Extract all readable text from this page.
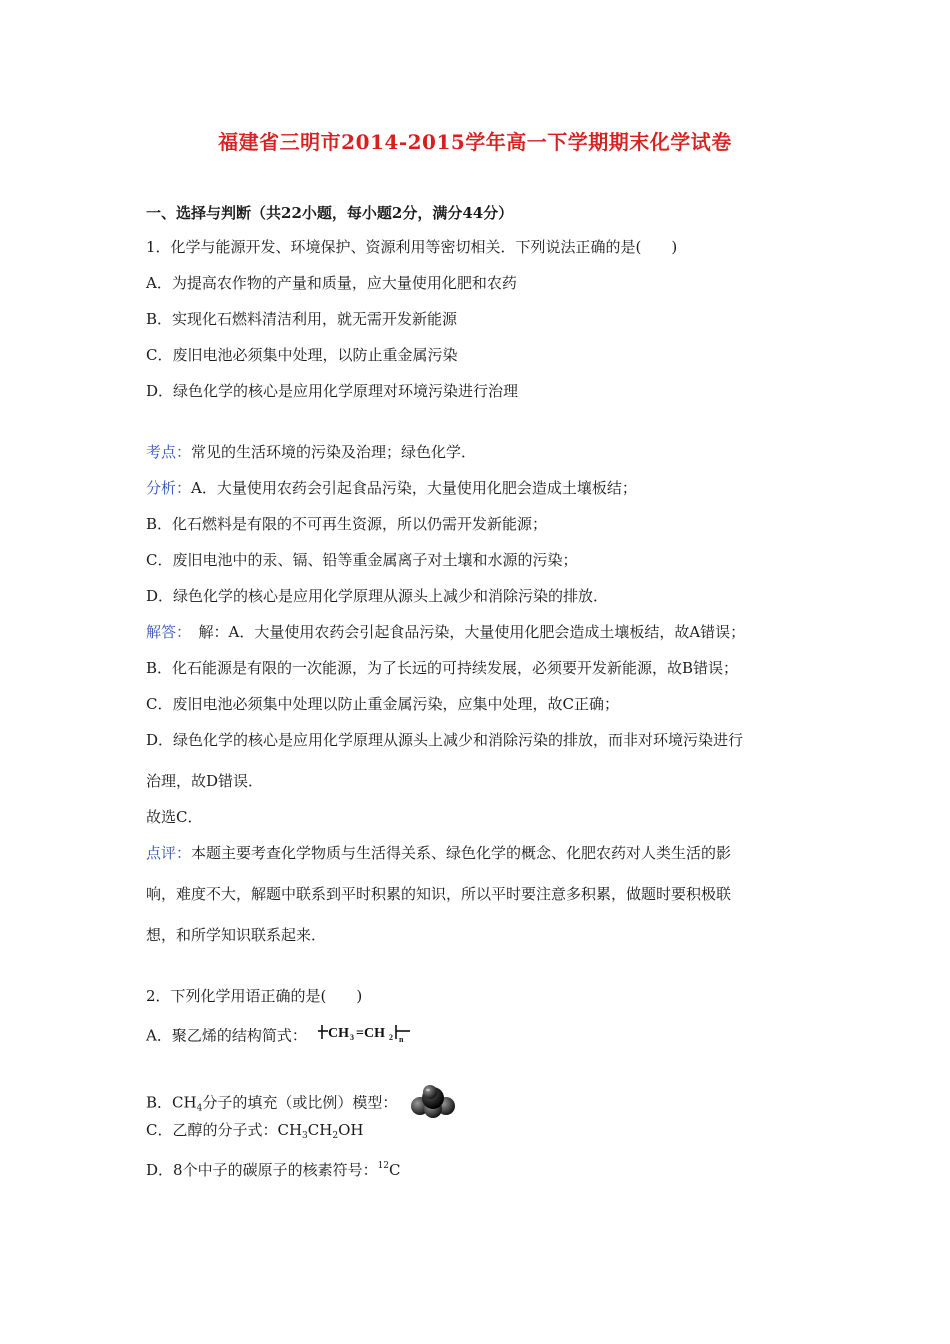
福建省三明市2014-2015学年高一下学期期末化学试卷
一、选择与判断（共22小题，每小题2分，满分44分）
1．化学与能源开发、环境保护、资源利用等密切相关．下列说法正确的是(　　)
A．为提高农作物的产量和质量，应大量使用化肥和农药
B．实现化石燃料清洁利用，就无需开发新能源
C．废旧电池必须集中处理，以防止重金属污染
D．绿色化学的核心是应用化学原理对环境污染进行治理
考点：常见的生活环境的污染及治理；绿色化学．
分析：A．大量使用农药会引起食品污染，大量使用化肥会造成土壤板结；
B．化石燃料是有限的不可再生资源，所以仍需开发新能源；
C．废旧电池中的汞、镉、铅等重金属离子对土壤和水源的污染；
D．绿色化学的核心是应用化学原理从源头上减少和消除污染的排放．
解答：　解：A．大量使用农药会引起食品污染，大量使用化肥会造成土壤板结，故A错误；
B．化石能源是有限的一次能源，为了长远的可持续发展，必须要开发新能源，故B错误；
C．废旧电池必须集中处理以防止重金属污染，应集中处理，故C正确；
D．绿色化学的核心是应用化学原理从源头上减少和消除污染的排放，而非对环境污染进行
治理，故D错误．
故选C．
点评：本题主要考查化学物质与生活得关系、绿色化学的概念、化肥农药对人类生活的影
响，难度不大，解题中联系到平时积累的知识，所以平时要注意多积累，做题时要积极联
想，和所学知识联系起来．
2．下列化学用语正确的是(　　)
A．聚乙烯的结构简式： CH 3 =CH 2 n
B．$CH_4$分子的填充（或比例）模型：
C．乙醇的分子式：$CH_3CH_2OH$
D．8个中子的碳原子的核素符号：$^{12}$C
